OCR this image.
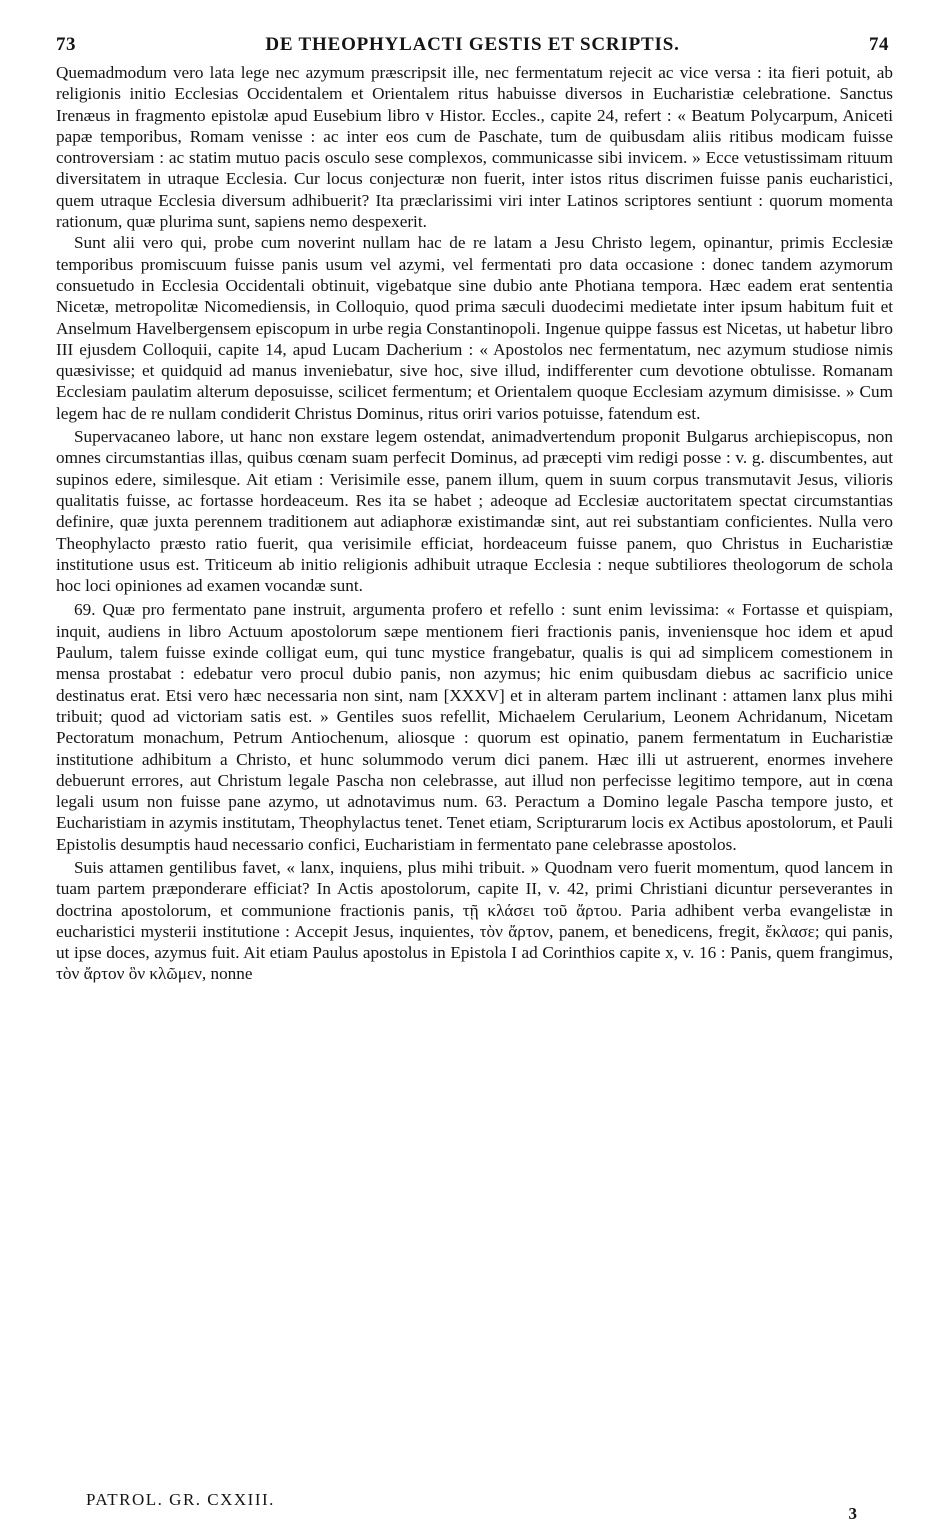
73	DE THEOPHYLACTI GESTIS ET SCRIPTIS.	74

Quemadmodum vero lata lege nec azymum præscripsit ille, nec fermentatum rejecit ac vice versa : ita fieri potuit, ab religionis initio Ecclesias Occidentalem et Orientalem ritus habuisse diversos in Eucharistiæ celebratione. Sanctus Irenæus in fragmento epistolæ apud Eusebium libro v Histor. Eccles., capite 24, refert : « Beatum Polycarpum, Aniceti papæ temporibus, Romam venisse : ac inter eos cum de Paschate, tum de quibusdam aliis ritibus modicam fuisse controversiam : ac statim mutuo pacis osculo sese complexos, communicasse sibi invicem. » Ecce vetustissimam rituum diversitatem in utraque Ecclesia. Cur locus conjecturæ non fuerit, inter istos ritus discrimen fuisse panis eucharistici, quem utraque Ecclesia diversum adhibuerit? Ita præclarissimi viri inter Latinos scriptores sentiunt : quorum momenta rationum, quæ plurima sunt, sapiens nemo despexerit.

Sunt alii vero qui, probe cum noverint nullam hac de re latam a Jesu Christo legem, opinantur, primis Ecclesiæ temporibus promiscuum fuisse panis usum vel azymi, vel fermentati pro data occasione : donec tandem azymorum consuetudo in Ecclesia Occidentali obtinuit, vigebatque sine dubio ante Photiana tempora. Hæc eadem erat sententia Nicetæ, metropolitæ Nicomediensis, in Colloquio, quod prima sæculi duodecimi medietate inter ipsum habitum fuit et Anselmum Havelbergensem episcopum in urbe regia Constantinopoli. Ingenue quippe fassus est Nicetas, ut habetur libro III ejusdem Colloquii, capite 14, apud Lucam Dacherium : « Apostolos nec fermentatum, nec azymum studiose nimis quæsivisse; et quidquid ad manus inveniebatur, sive hoc, sive illud, indifferenter cum devotione obtulisse. Romanam Ecclesiam paulatim alterum deposuisse, scilicet fermentum; et Orientalem quoque Ecclesiam azymum dimisisse. » Cum legem hac de re nullam condiderit Christus Dominus, ritus oriri varios potuisse, fatendum est.

Supervacaneo labore, ut hanc non exstare legem ostendat, animadvertendum proponit Bulgarus archiepiscopus, non omnes circumstantias illas, quibus cœnam suam perfecit Dominus, ad præcepti vim redigi posse : v. g. discumbentes, aut supinos edere, similesque. Ait etiam : Verisimile esse, panem illum, quem in suum corpus transmutavit Jesus, vilioris qualitatis fuisse, ac fortasse hordeaceum. Res ita se habet ; adeoque ad Ecclesiæ auctoritatem spectat circumstantias definire, quæ juxta perennem traditionem aut adiaphoræ existimandæ sint, aut rei substantiam conficientes. Nulla vero Theophylacto præsto ratio fuerit, qua verisimile efficiat, hordeaceum fuisse panem, quo Christus in Eucharistiæ institutione usus est. Triticeum ab initio religionis adhibuit utraque Ecclesia : neque subtiliores theologorum de schola hoc loci opiniones ad examen vocandæ sunt.

69. Quæ pro fermentato pane instruit, argumenta profero et refello : sunt enim levissima: « Fortasse et quispiam, inquit, audiens in libro Actuum apostolorum sæpe mentionem fieri fractionis panis, inveniensque hoc idem et apud Paulum, talem fuisse exinde colligat eum, qui tunc mystice frangebatur, qualis is qui ad simplicem comestionem in mensa prostabat : edebatur vero procul dubio panis, non azymus; hic enim quibusdam diebus ac sacrificio unice destinatus erat. Etsi vero hæc necessaria non sint, nam [XXXV] et in alteram partem inclinant : attamen lanx plus mihi tribuit; quod ad victoriam satis est. » Gentiles suos refellit, Michaelem Cerularium, Leonem Achridanum, Nicetam Pectoratum monachum, Petrum Antiochenum, aliosque : quorum est opinatio, panem fermentatum in Eucharistiæ institutione adhibitum a Christo, et hunc solummodo verum dici panem. Hæc illi ut astruerent, enormes invehere debuerunt errores, aut Christum legale Pascha non celebrasse, aut illud non perfecisse legitimo tempore, aut in cœna legali usum non fuisse pane azymo, ut adnotavimus num. 63. Peractum a Domino legale Pascha tempore justo, et Eucharistiam in azymis institutam, Theophylactus tenet. Tenet etiam, Scripturarum locis ex Actibus apostolorum, et Pauli Epistolis desumptis haud necessario confici, Eucharistiam in fermentato pane celebrasse apostolos.

Suis attamen gentilibus favet, « lanx, inquiens, plus mihi tribuit. » Quodnam vero fuerit momentum, quod lancem in tuam partem præponderare efficiat? In Actis apostolorum, capite II, v. 42, primi Christiani dicuntur perseverantes in doctrina apostolorum, et communione fractionis panis, τῇ κλάσει τοῦ ἄρτου. Paria adhibent verba evangelistæ in eucharistici mysterii institutione : Accepit Jesus, inquientes, τὸν ἄρτον, panem, et benedicens, fregit, ἔκλασε; qui panis, ut ipse doces, azymus fuit. Ait etiam Paulus apostolus in Epistola I ad Corinthios capite x, v. 16 : Panis, quem frangimus, τὸν ἄρτον ὃν κλῶμεν, nonne

PATROL. GR. CXXIII.
3
